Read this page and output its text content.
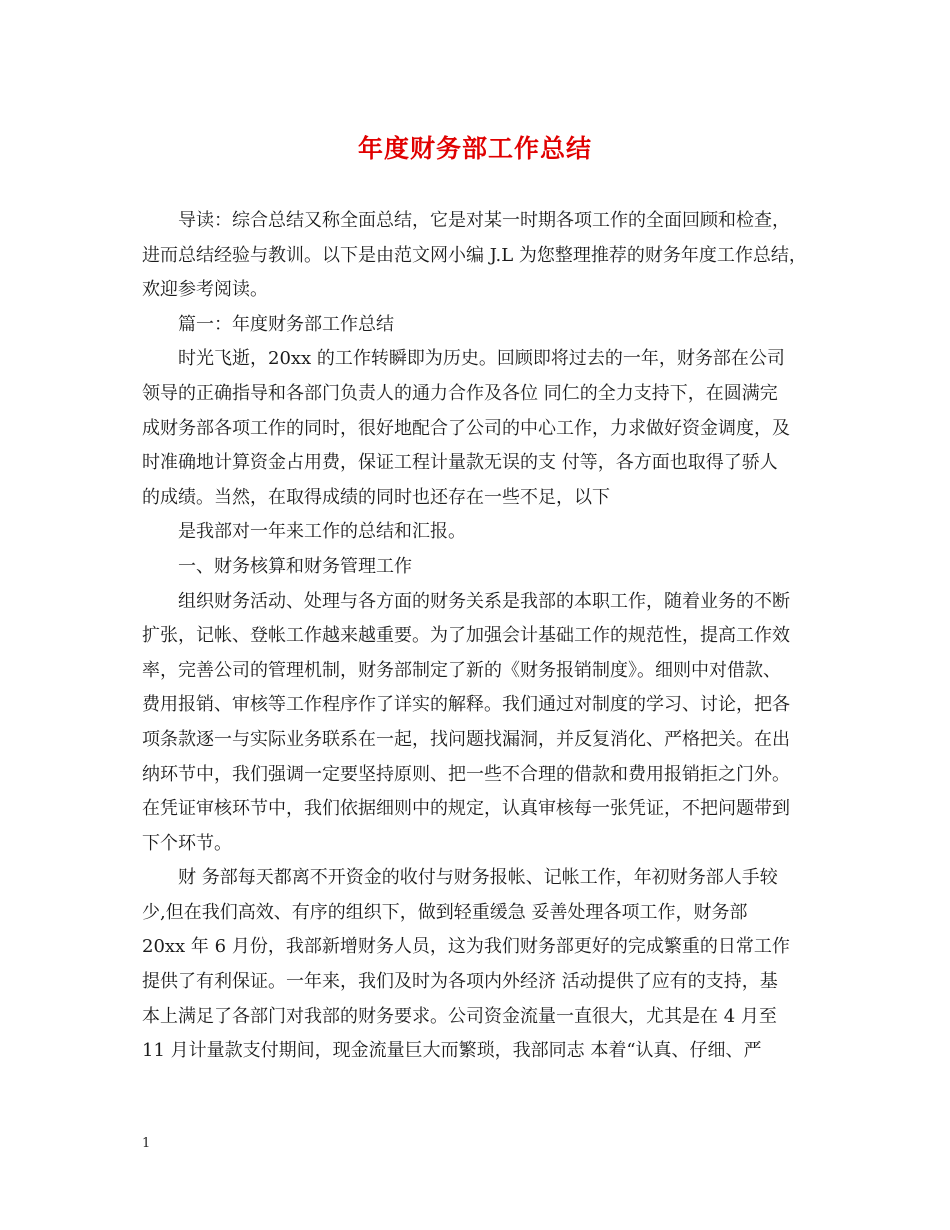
年度财务部工作总结
导读：综合总结又称全面总结，它是对某一时期各项工作的全面回顾和检查，
进而总结经验与教训。以下是由范文网小编 J.L 为您整理推荐的财务年度工作总结，
欢迎参考阅读。
篇一：年度财务部工作总结
时光飞逝，20xx 的工作转瞬即为历史。回顾即将过去的一年，财务部在公司
领导的正确指导和各部门负责人的通力合作及各位 同仁的全力支持下，在圆满完
成财务部各项工作的同时，很好地配合了公司的中心工作，力求做好资金调度，及
时准确地计算资金占用费，保证工程计量款无误的支 付等，各方面也取得了骄人
的成绩。当然，在取得成绩的同时也还存在一些不足，以下
是我部对一年来工作的总结和汇报。
一、财务核算和财务管理工作
组织财务活动、处理与各方面的财务关系是我部的本职工作，随着业务的不断
扩张，记帐、登帐工作越来越重要。为了加强会计基础工作的规范性，提高工作效
率，完善公司的管理机制，财务部制定了新的《财务报销制度》。细则中对借款、
费用报销、审核等工作程序作了详实的解释。我们通过对制度的学习、讨论，把各
项条款逐一与实际业务联系在一起，找问题找漏洞，并反复消化、严格把关。在出
纳环节中，我们强调一定要坚持原则、把一些不合理的借款和费用报销拒之门外。
在凭证审核环节中，我们依据细则中的规定，认真审核每一张凭证，不把问题带到
下个环节。
财 务部每天都离不开资金的收付与财务报帐、记帐工作，年初财务部人手较
少,但在我们高效、有序的组织下，做到轻重缓急 妥善处理各项工作，财务部
20xx 年 6 月份，我部新增财务人员，这为我们财务部更好的完成繁重的日常工作
提供了有利保证。一年来，我们及时为各项内外经济 活动提供了应有的支持，基
本上满足了各部门对我部的财务要求。公司资金流量一直很大，尤其是在 4 月至
11 月计量款支付期间，现金流量巨大而繁琐，我部同志 本着“认真、仔细、严
1
